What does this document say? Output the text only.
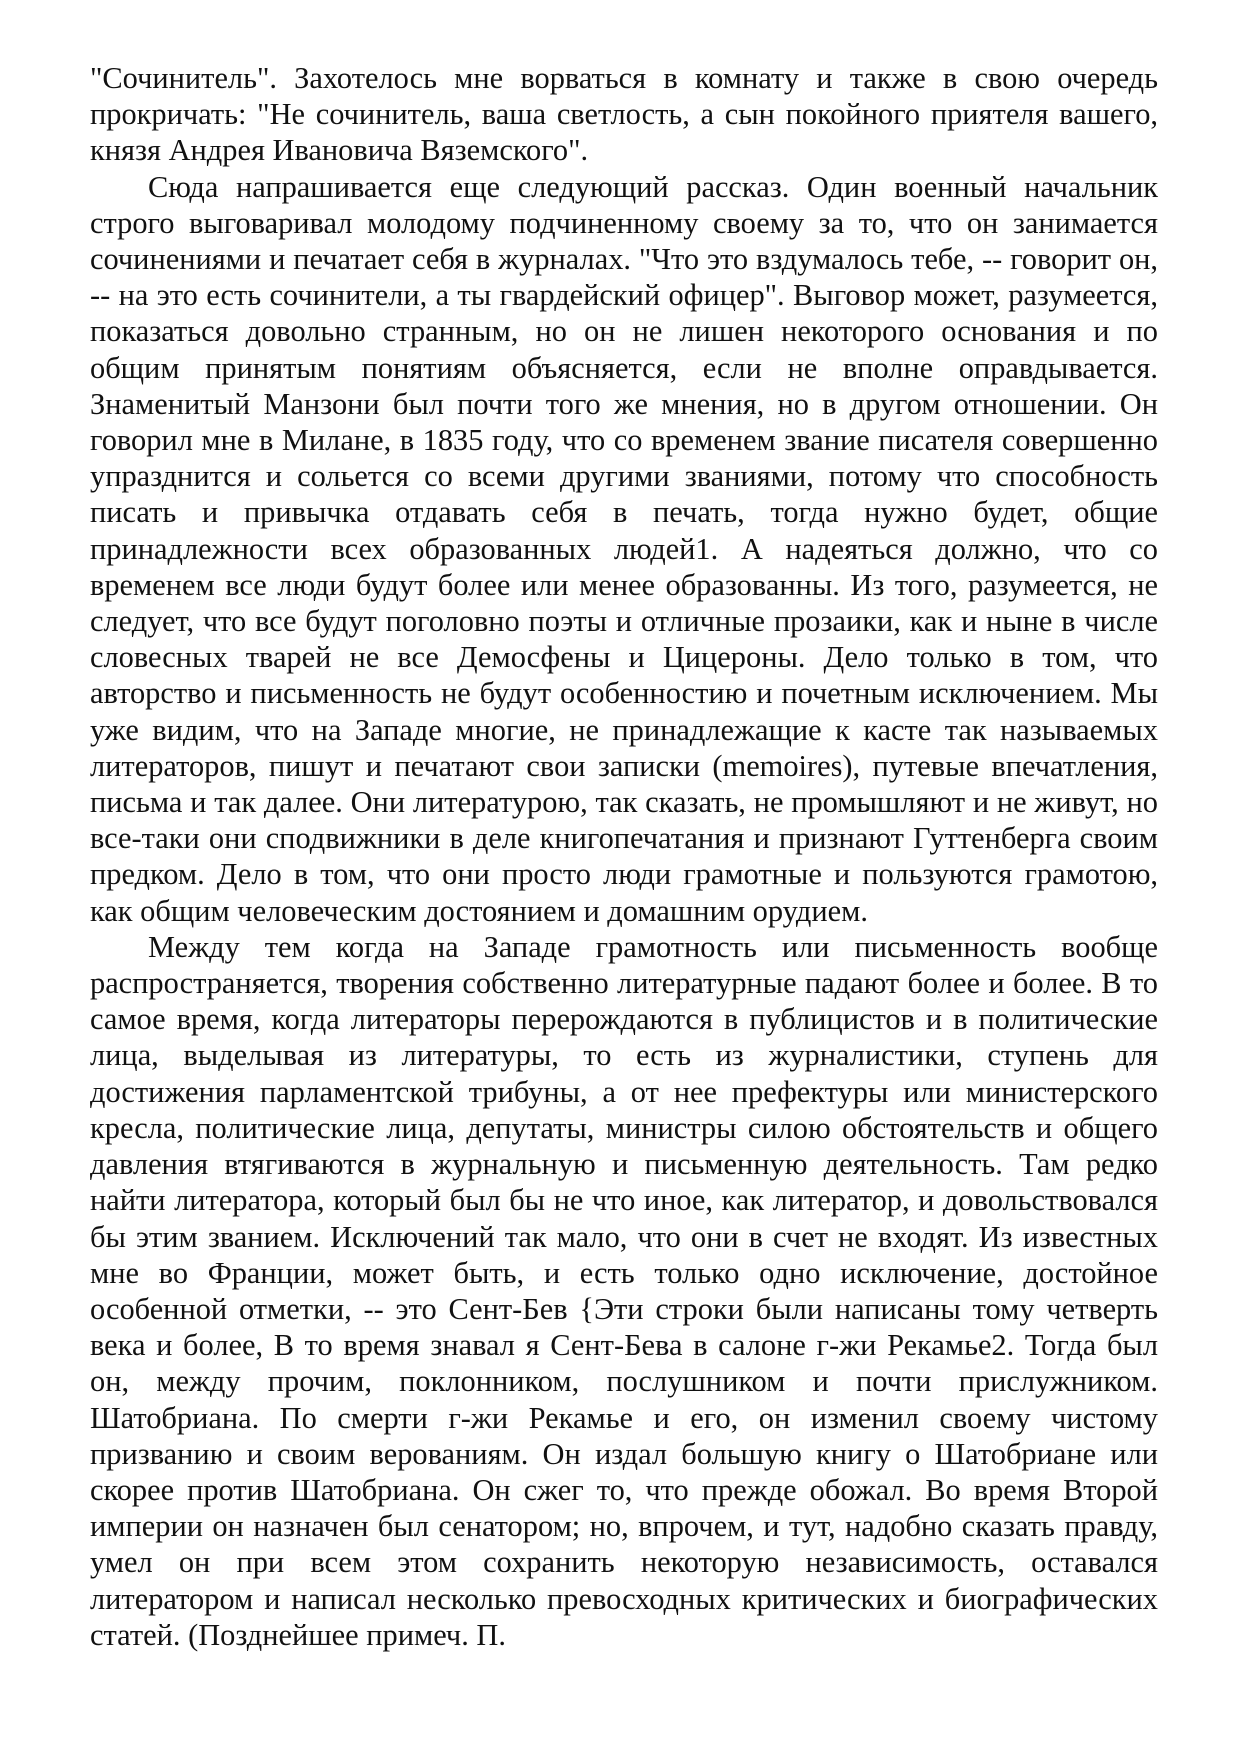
"Сочинитель". Захотелось мне ворваться в комнату и также в свою очередь прокричать: "Не сочинитель, ваша светлость, а сын покойного приятеля вашего, князя Андрея Ивановича Вяземского".

Сюда напрашивается еще следующий рассказ. Один военный начальник строго выговаривал молодому подчиненному своему за то, что он занимается сочинениями и печатает себя в журналах. "Что это вздумалось тебе, -- говорит он, -- на это есть сочинители, а ты гвардейский офицер". Выговор может, разумеется, показаться довольно странным, но он не лишен некоторого основания и по общим принятым понятиям объясняется, если не вполне оправдывается. Знаменитый Манзони был почти того же мнения, но в другом отношении. Он говорил мне в Милане, в 1835 году, что со временем звание писателя совершенно упразднится и сольется со всеми другими званиями, потому что способность писать и привычка отдавать себя в печать, тогда нужно будет, общие принадлежности всех образованных людей1. А надеяться должно, что со временем все люди будут более или менее образованны. Из того, разумеется, не следует, что все будут поголовно поэты и отличные прозаики, как и ныне в числе словесных тварей не все Демосфены и Цицероны. Дело только в том, что авторство и письменность не будут особенностию и почетным исключением. Мы уже видим, что на Западе многие, не принадлежащие к касте так называемых литераторов, пишут и печатают свои записки (memoires), путевые впечатления, письма и так далее. Они литературою, так сказать, не промышляют и не живут, но все-таки они сподвижники в деле книгопечатания и признают Гуттенберга своим предком. Дело в том, что они просто люди грамотные и пользуются грамотою, как общим человеческим достоянием и домашним орудием.

Между тем когда на Западе грамотность или письменность вообще распространяется, творения собственно литературные падают более и более. В то самое время, когда литераторы перерождаются в публицистов и в политические лица, выделывая из литературы, то есть из журналистики, ступень для достижения парламентской трибуны, а от нее префектуры или министерского кресла, политические лица, депутаты, министры силою обстоятельств и общего давления втягиваются в журнальную и письменную деятельность. Там редко найти литератора, который был бы не что иное, как литератор, и довольствовался бы этим званием. Исключений так мало, что они в счет не входят. Из известных мне во Франции, может быть, и есть только одно исключение, достойное особенной отметки, -- это Сент-Бев {Эти строки были написаны тому четверть века и более, В то время знавал я Сент-Бева в салоне г-жи Рекамье2. Тогда был он, между прочим, поклонником, послушником и почти прислужником. Шатобриана. По смерти г-жи Рекамье и его, он изменил своему чистому призванию и своим верованиям. Он издал большую книгу о Шатобриане или скорее против Шатобриана. Он сжег то, что прежде обожал. Во время Второй империи он назначен был сенатором; но, впрочем, и тут, надобно сказать правду, умел он при всем этом сохранить некоторую независимость, оставался литератором и написал несколько превосходных критических и биографических статей. (Позднейшее примеч. П.
